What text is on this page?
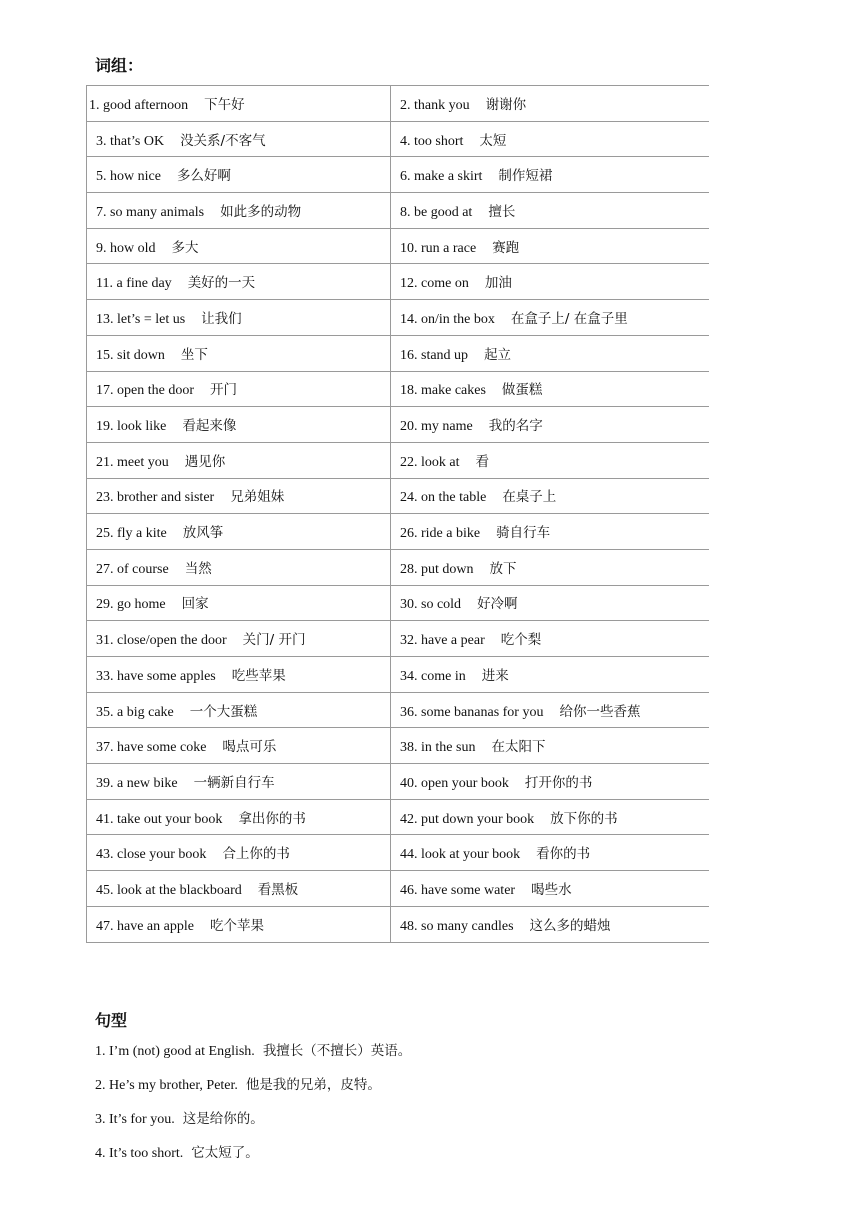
词组：
1. good afternoon 下午好	2. thank you 谢谢你
3. that’s OK 没关系/不客气	4. too short 太短
5. how nice 多么好啊	6. make a skirt 制作短裙
7. so many animals 如此多的动物	8. be good at 擅长
9. how old 多大	10. run a race 赛跑
11. a fine day 美好的一天	12. come on 加油
13. let’s = let us 让我们	14. on/in the box 在盒子上/ 在盒子里
15. sit down 坐下	16. stand up 起立
17. open the door 开门	18. make cakes 做蛋糕
19. look like 看起来像	20. my name 我的名字
21. meet you 遇见你	22. look at 看
23. brother and sister 兄弟姐妹	24. on the table 在桌子上
25. fly a kite 放风筝	26. ride a bike 骑自行车
27. of course 当然	28. put down 放下
29. go home 回家	30. so cold 好冷啊
31. close/open the door 关门/ 开门	32. have a pear 吃个梨
33. have some apples 吃些苹果	34. come in 进来
35. a big cake 一个大蛋糕	36. some bananas for you 给你一些香蕉
37. have some coke 喝点可乐	38. in the sun 在太阳下
39. a new bike 一辆新自行车	40. open your book 打开你的书
41. take out your book 拿出你的书	42. put down your book 放下你的书
43. close your book 合上你的书	44. look at your book 看你的书
45. look at the blackboard 看黑板	46. have some water 喝些水
47. have an apple 吃个苹果	48. so many candles 这么多的蜡烛
句型
1. I’m (not) good at English. 我擅长（不擅长）英语。
2. He’s my brother, Peter. 他是我的兄弟，皮特。
3. It’s for you. 这是给你的。
4. It’s too short. 它太短了。
